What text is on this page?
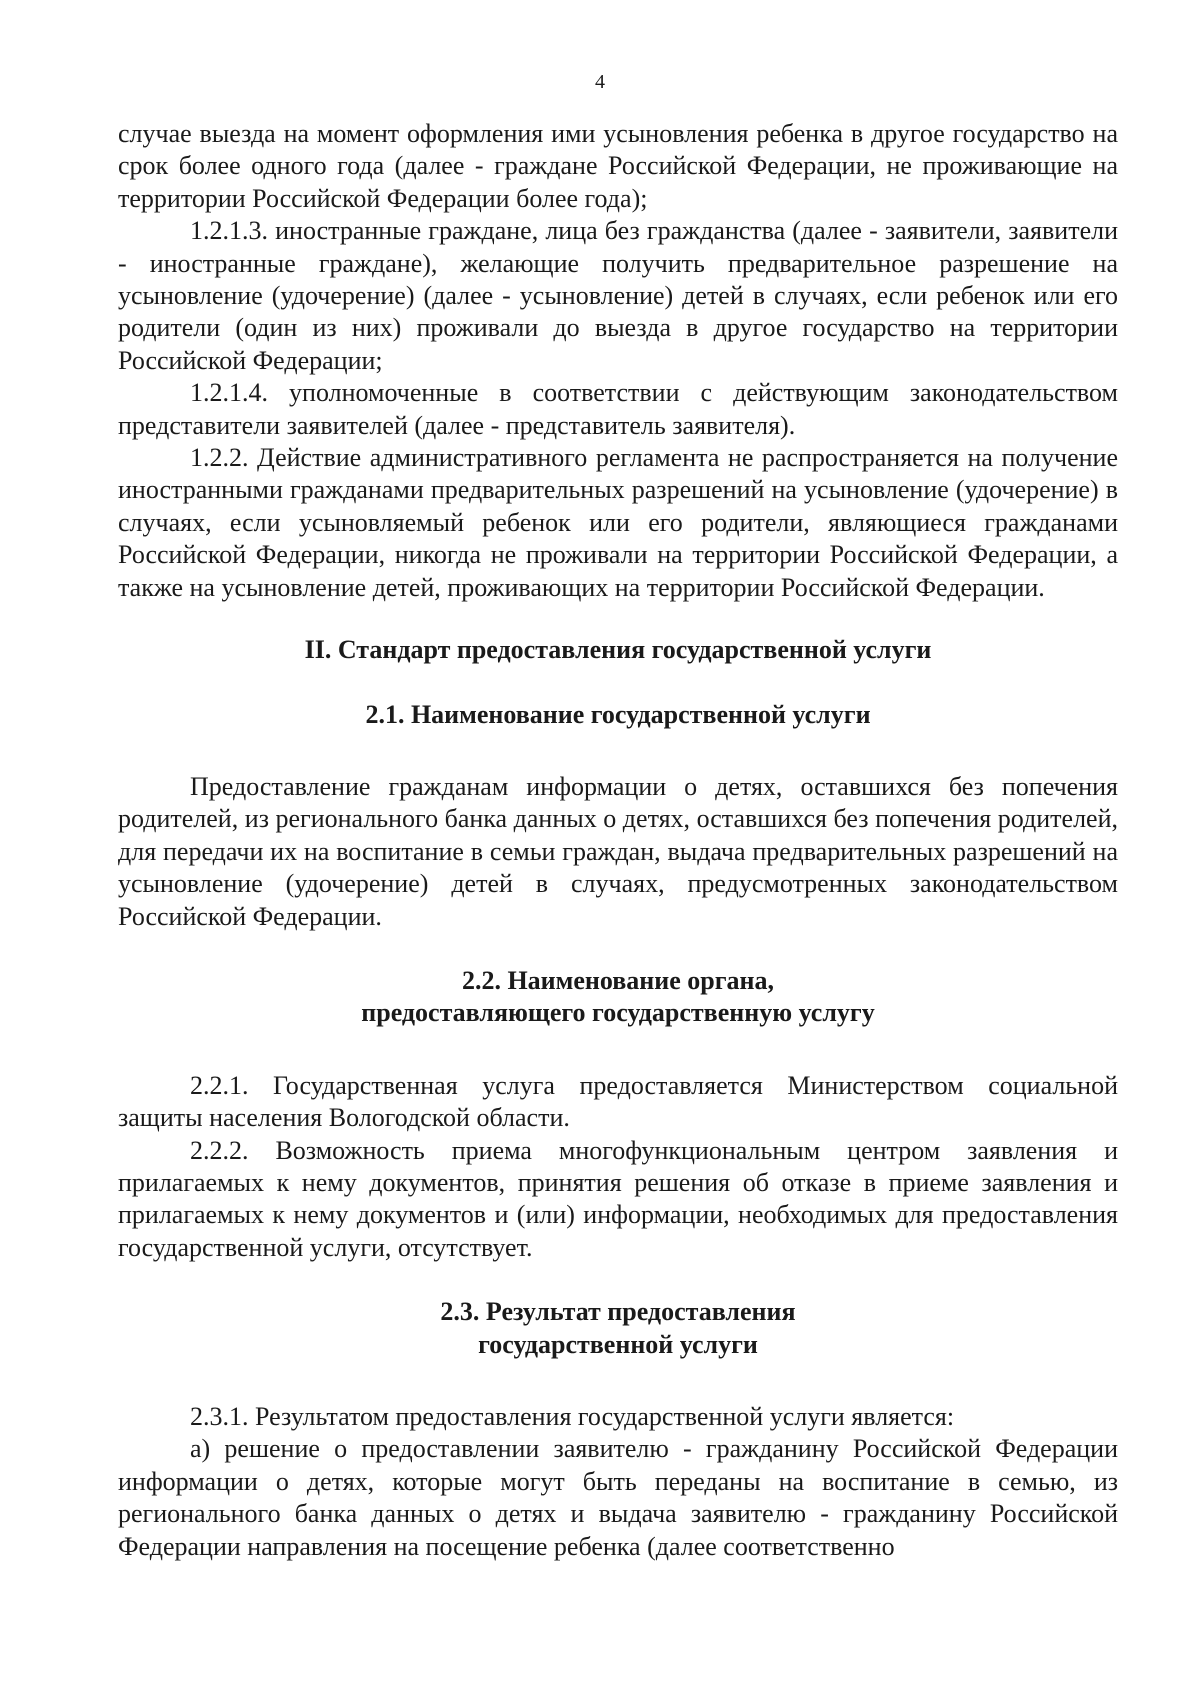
4

случае выезда на момент оформления ими усыновления ребенка в другое государство на срок более одного года (далее - граждане Российской Федерации, не проживающие на территории Российской Федерации более года);

1.2.1.3. иностранные граждане, лица без гражданства (далее - заявители, заявители - иностранные граждане), желающие получить предварительное разрешение на усыновление (удочерение) (далее - усыновление) детей в случаях, если ребенок или его родители (один из них) проживали до выезда в другое государство на территории Российской Федерации;

1.2.1.4. уполномоченные в соответствии с действующим законодательством представители заявителей (далее - представитель заявителя).

1.2.2. Действие административного регламента не распространяется на получение иностранными гражданами предварительных разрешений на усыновление (удочерение) в случаях, если усыновляемый ребенок или его родители, являющиеся гражданами Российской Федерации, никогда не проживали на территории Российской Федерации, а также на усыновление детей, проживающих на территории Российской Федерации.

II. Стандарт предоставления государственной услуги
2.1. Наименование государственной услуги

Предоставление гражданам информации о детях, оставшихся без попечения родителей, из регионального банка данных о детях, оставшихся без попечения родителей, для передачи их на воспитание в семьи граждан, выдача предварительных разрешений на усыновление (удочерение) детей в случаях, предусмотренных законодательством Российской Федерации.

2.2. Наименование органа,
предоставляющего государственную услугу

2.2.1. Государственная услуга предоставляется Министерством социальной защиты населения Вологодской области.

2.2.2. Возможность приема многофункциональным центром заявления и прилагаемых к нему документов, принятия решения об отказе в приеме заявления и прилагаемых к нему документов и (или) информации, необходимых для предоставления государственной услуги, отсутствует.

2.3. Результат предоставления
государственной услуги

2.3.1. Результатом предоставления государственной услуги является:

а) решение о предоставлении заявителю - гражданину Российской Федерации информации о детях, которые могут быть переданы на воспитание в семью, из регионального банка данных о детях и выдача заявителю - гражданину Российской Федерации направления на посещение ребенка (далее соответственно
